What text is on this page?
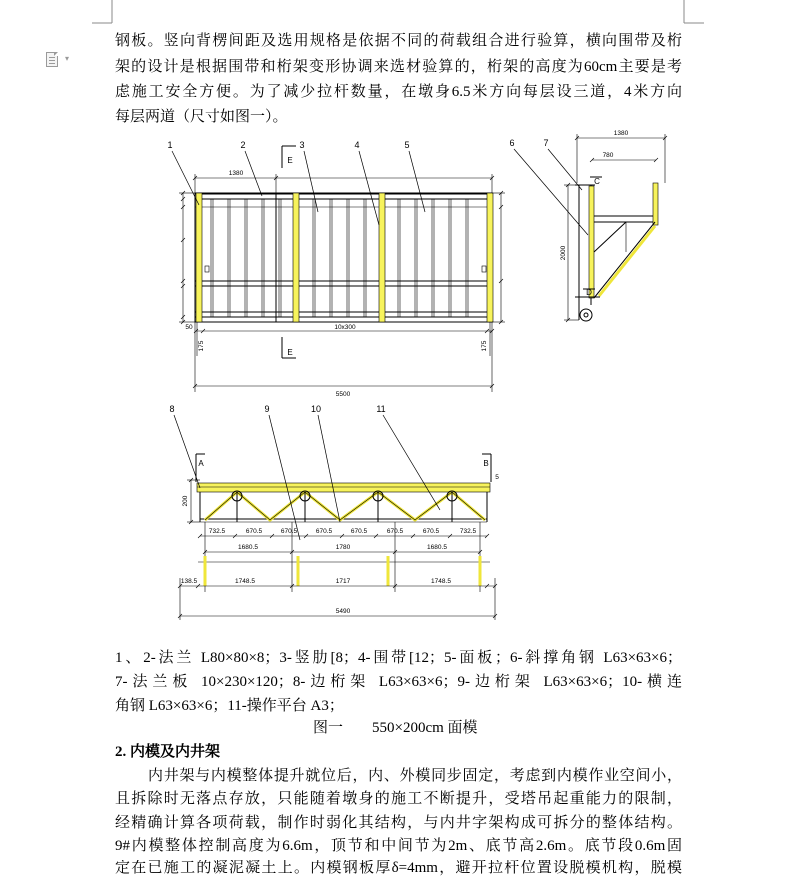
▾
钢板。竖向背楞间距及选用规格是依据不同的荷载组合进行验算，横向围带及桁
架的设计是根据围带和桁架变形协调来选材验算的，桁架的高度为60cm主要是考
虑施工安全方便。为了减少拉杆数量，在墩身6.5米方向每层设三道，4米方向
每层两道（尺寸如图一）。
1	2	3	4	5
E
E
1380
10x300
50
175	175
5500
6	7
C
D
1380
780
2000
8	9	10	11
A	B
5
200
732.5	670.5	670.5	670.5	670.5	670.5	670.5	732.5
1680.5	1780	1680.5
138.5	1748.5	1717	1748.5
5490
1、2-法兰 L80×80×8；3-竖肋[8；4-围带[12；5-面板；6-斜撑角钢 L63×63×6；
7-法兰板 10×230×120；8-边桁架 L63×63×6；9-边桁架 L63×63×6；10-横连
角钢 L63×63×6；11-操作平台 A3；
图一 550×200cm 面模
2. 内模及内井架
内井架与内模整体提升就位后，内、外模同步固定，考虑到内模作业空间小，
且拆除时无落点存放，只能随着墩身的施工不断提升，受塔吊起重能力的限制，
经精确计算各项荷载，制作时弱化其结构，与内井字架构成可拆分的整体结构。
9#内模整体控制高度为6.6m，顶节和中间节为2m、底节高2.6m。底节段0.6m固
定在已施工的凝泥凝土上。内模钢板厚δ=4mm，避开拉杆位置设脱模机构，脱模
